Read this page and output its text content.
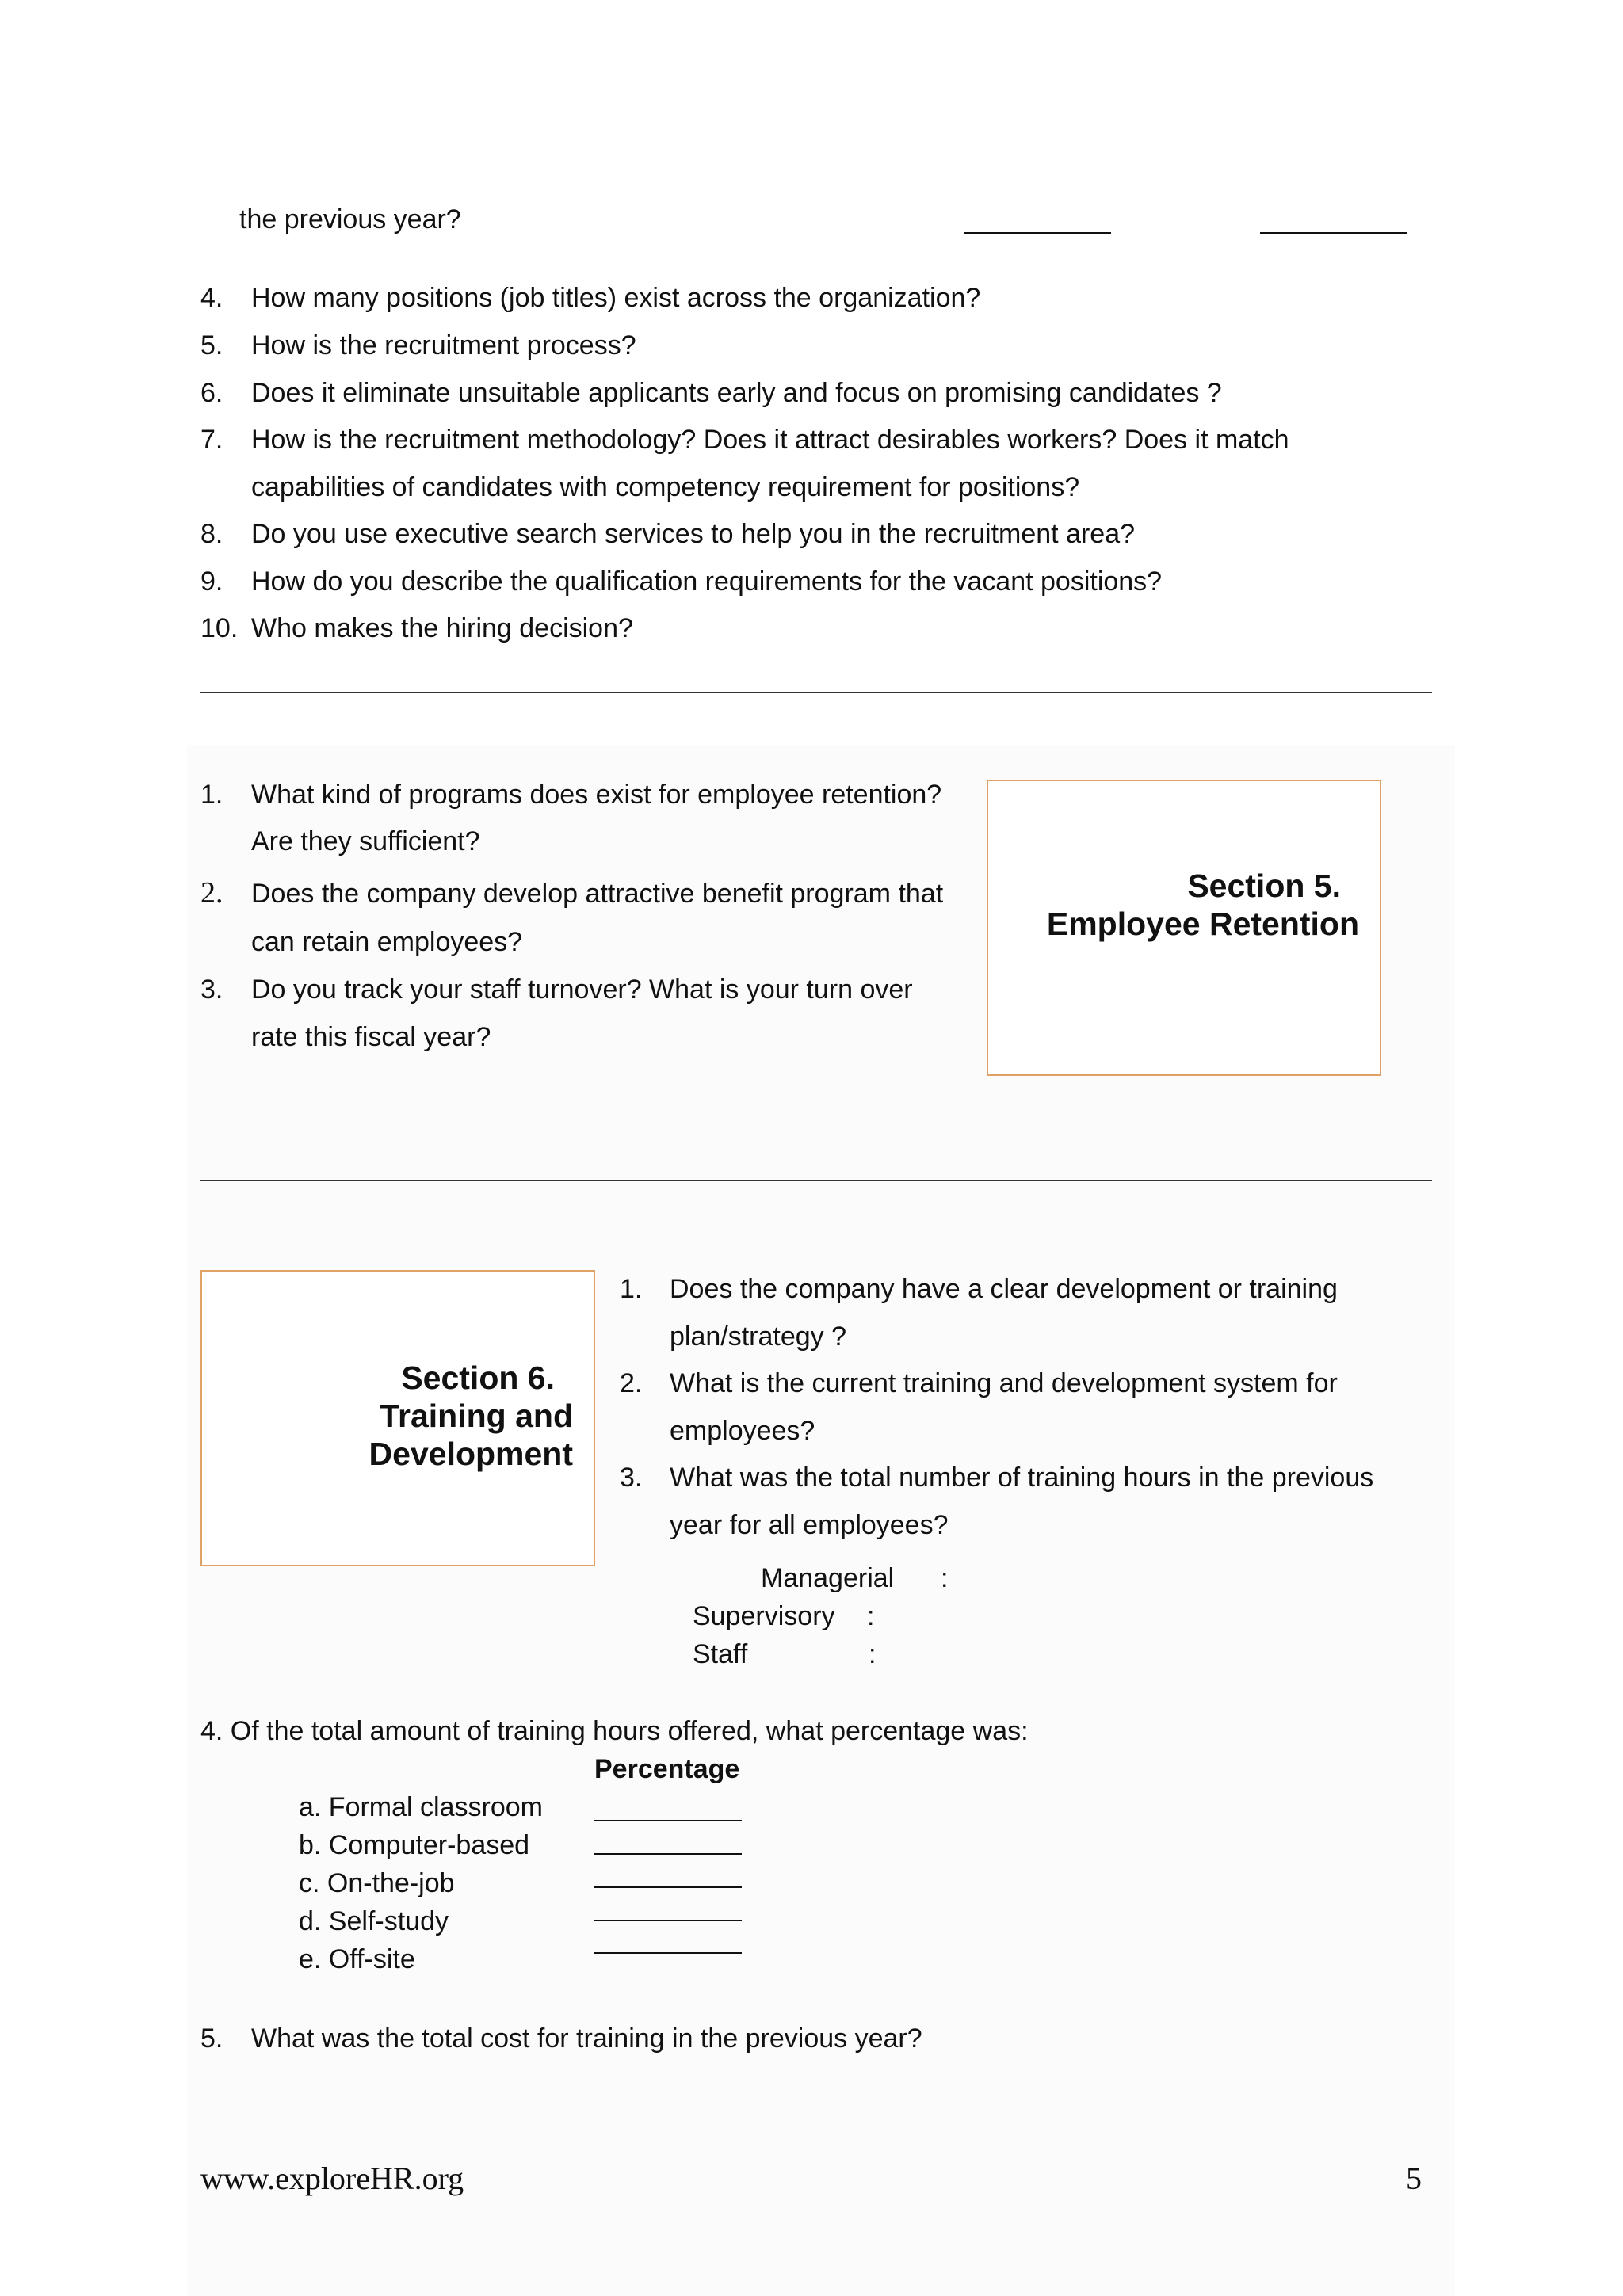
the previous year?
4. How many positions (job titles) exist across the organization?
5. How is the recruitment process?
6. Does it eliminate unsuitable applicants early and focus on promising candidates ?
7. How is the recruitment methodology? Does it attract desirables workers? Does it match
capabilities of candidates with competency requirement for positions?
8. Do you use executive search services to help you in the recruitment area?
9. How do you describe the qualification requirements for the vacant positions?
10. Who makes the hiring decision?
1. What kind of programs does exist for employee retention?
Are they sufficient?
2. Does the company develop attractive benefit program that
can retain employees?
3. Do you track your staff turnover? What is your turn over
rate this fiscal year?
Section 5.
Employee Retention
Section 6.
Training and
Development
1. Does the company have a clear development or training
plan/strategy ?
2. What is the current training and development system for
employees?
3. What was the total number of training hours in the previous
year for all employees?
Managerial :
Supervisory :
Staff	:
4. Of the total amount of training hours offered, what percentage was:
Percentage
a. Formal classroom
b. Computer-based
c. On-the-job
d. Self-study
e. Off-site
5. What was the total cost for training in the previous year?
www.exploreHR.org	5
